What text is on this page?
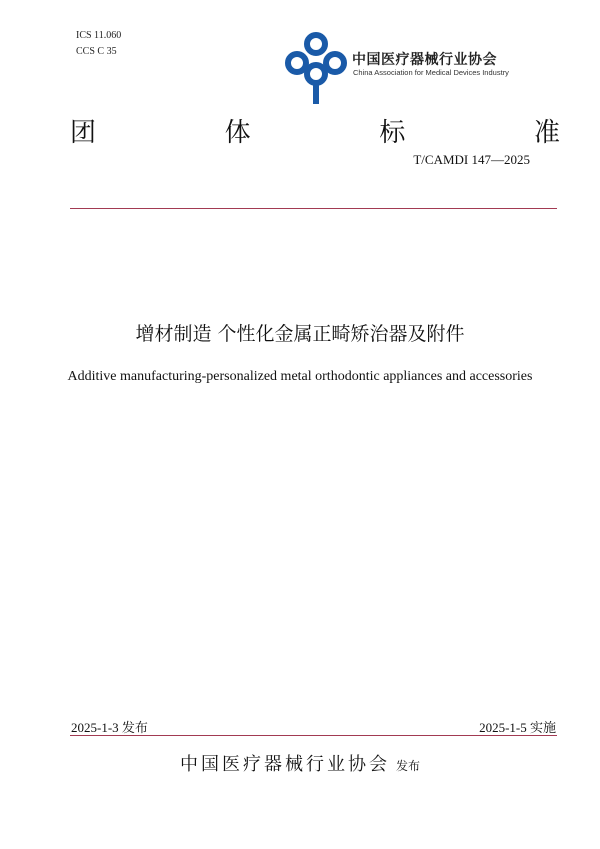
ICS 11.060
CCS C 35
中国医疗器械行业协会
China Association for Medical Devices Industry
团	体	标	准
T/CAMDI 147—2025
增材制造 个性化金属正畸矫治器及附件
Additive manufacturing-personalized metal orthodontic appliances and accessories
2025-1-3 发布	2025-1-5 实施
中国医疗器械行业协会 发布
